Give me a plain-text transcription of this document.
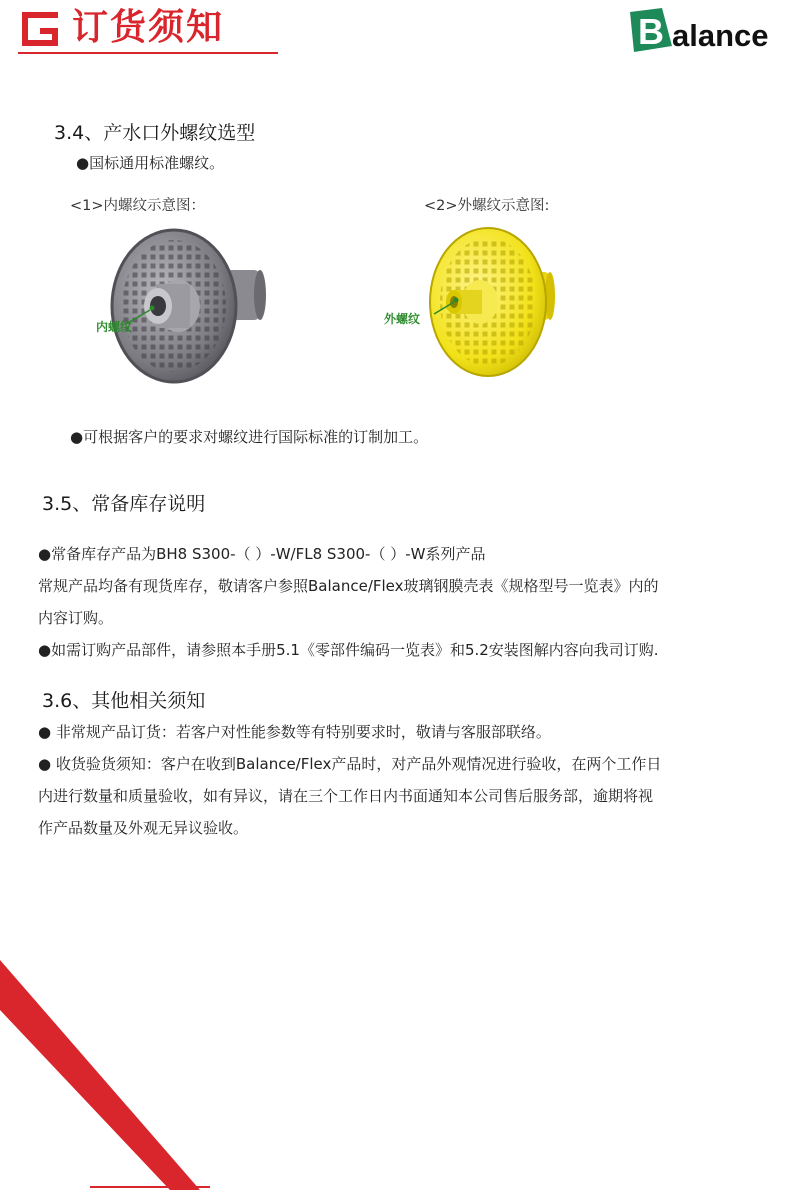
订货须知	B alance
3.4、产水口外螺纹选型
●国标通用标准螺纹。
<1>内螺纹示意图：	<2>外螺纹示意图:
内螺纹
外螺纹
●可根据客户的要求对螺纹进行国际标准的订制加工。
3.5、常备库存说明

●常备库存产品为BH8 S300-（ ）-W/FL8 S300-（ ）-W系列产品

常规产品均备有现货库存，敬请客户参照Balance/Flex玻璃钢膜壳表《规格型号一览表》内的

内容订购。

●如需订购产品部件，请参照本手册5.1《零部件编码一览表》和5.2安装图解内容向我司订购.

3.6、其他相关须知

● 非常规产品订货：若客户对性能参数等有特别要求时，敬请与客服部联络。

● 收货验货须知：客户在收到Balance/Flex产品时，对产品外观情况进行验收，在两个工作日

内进行数量和质量验收，如有异议，请在三个工作日内书面通知本公司售后服务部，逾期将视

作产品数量及外观无异议验收。
